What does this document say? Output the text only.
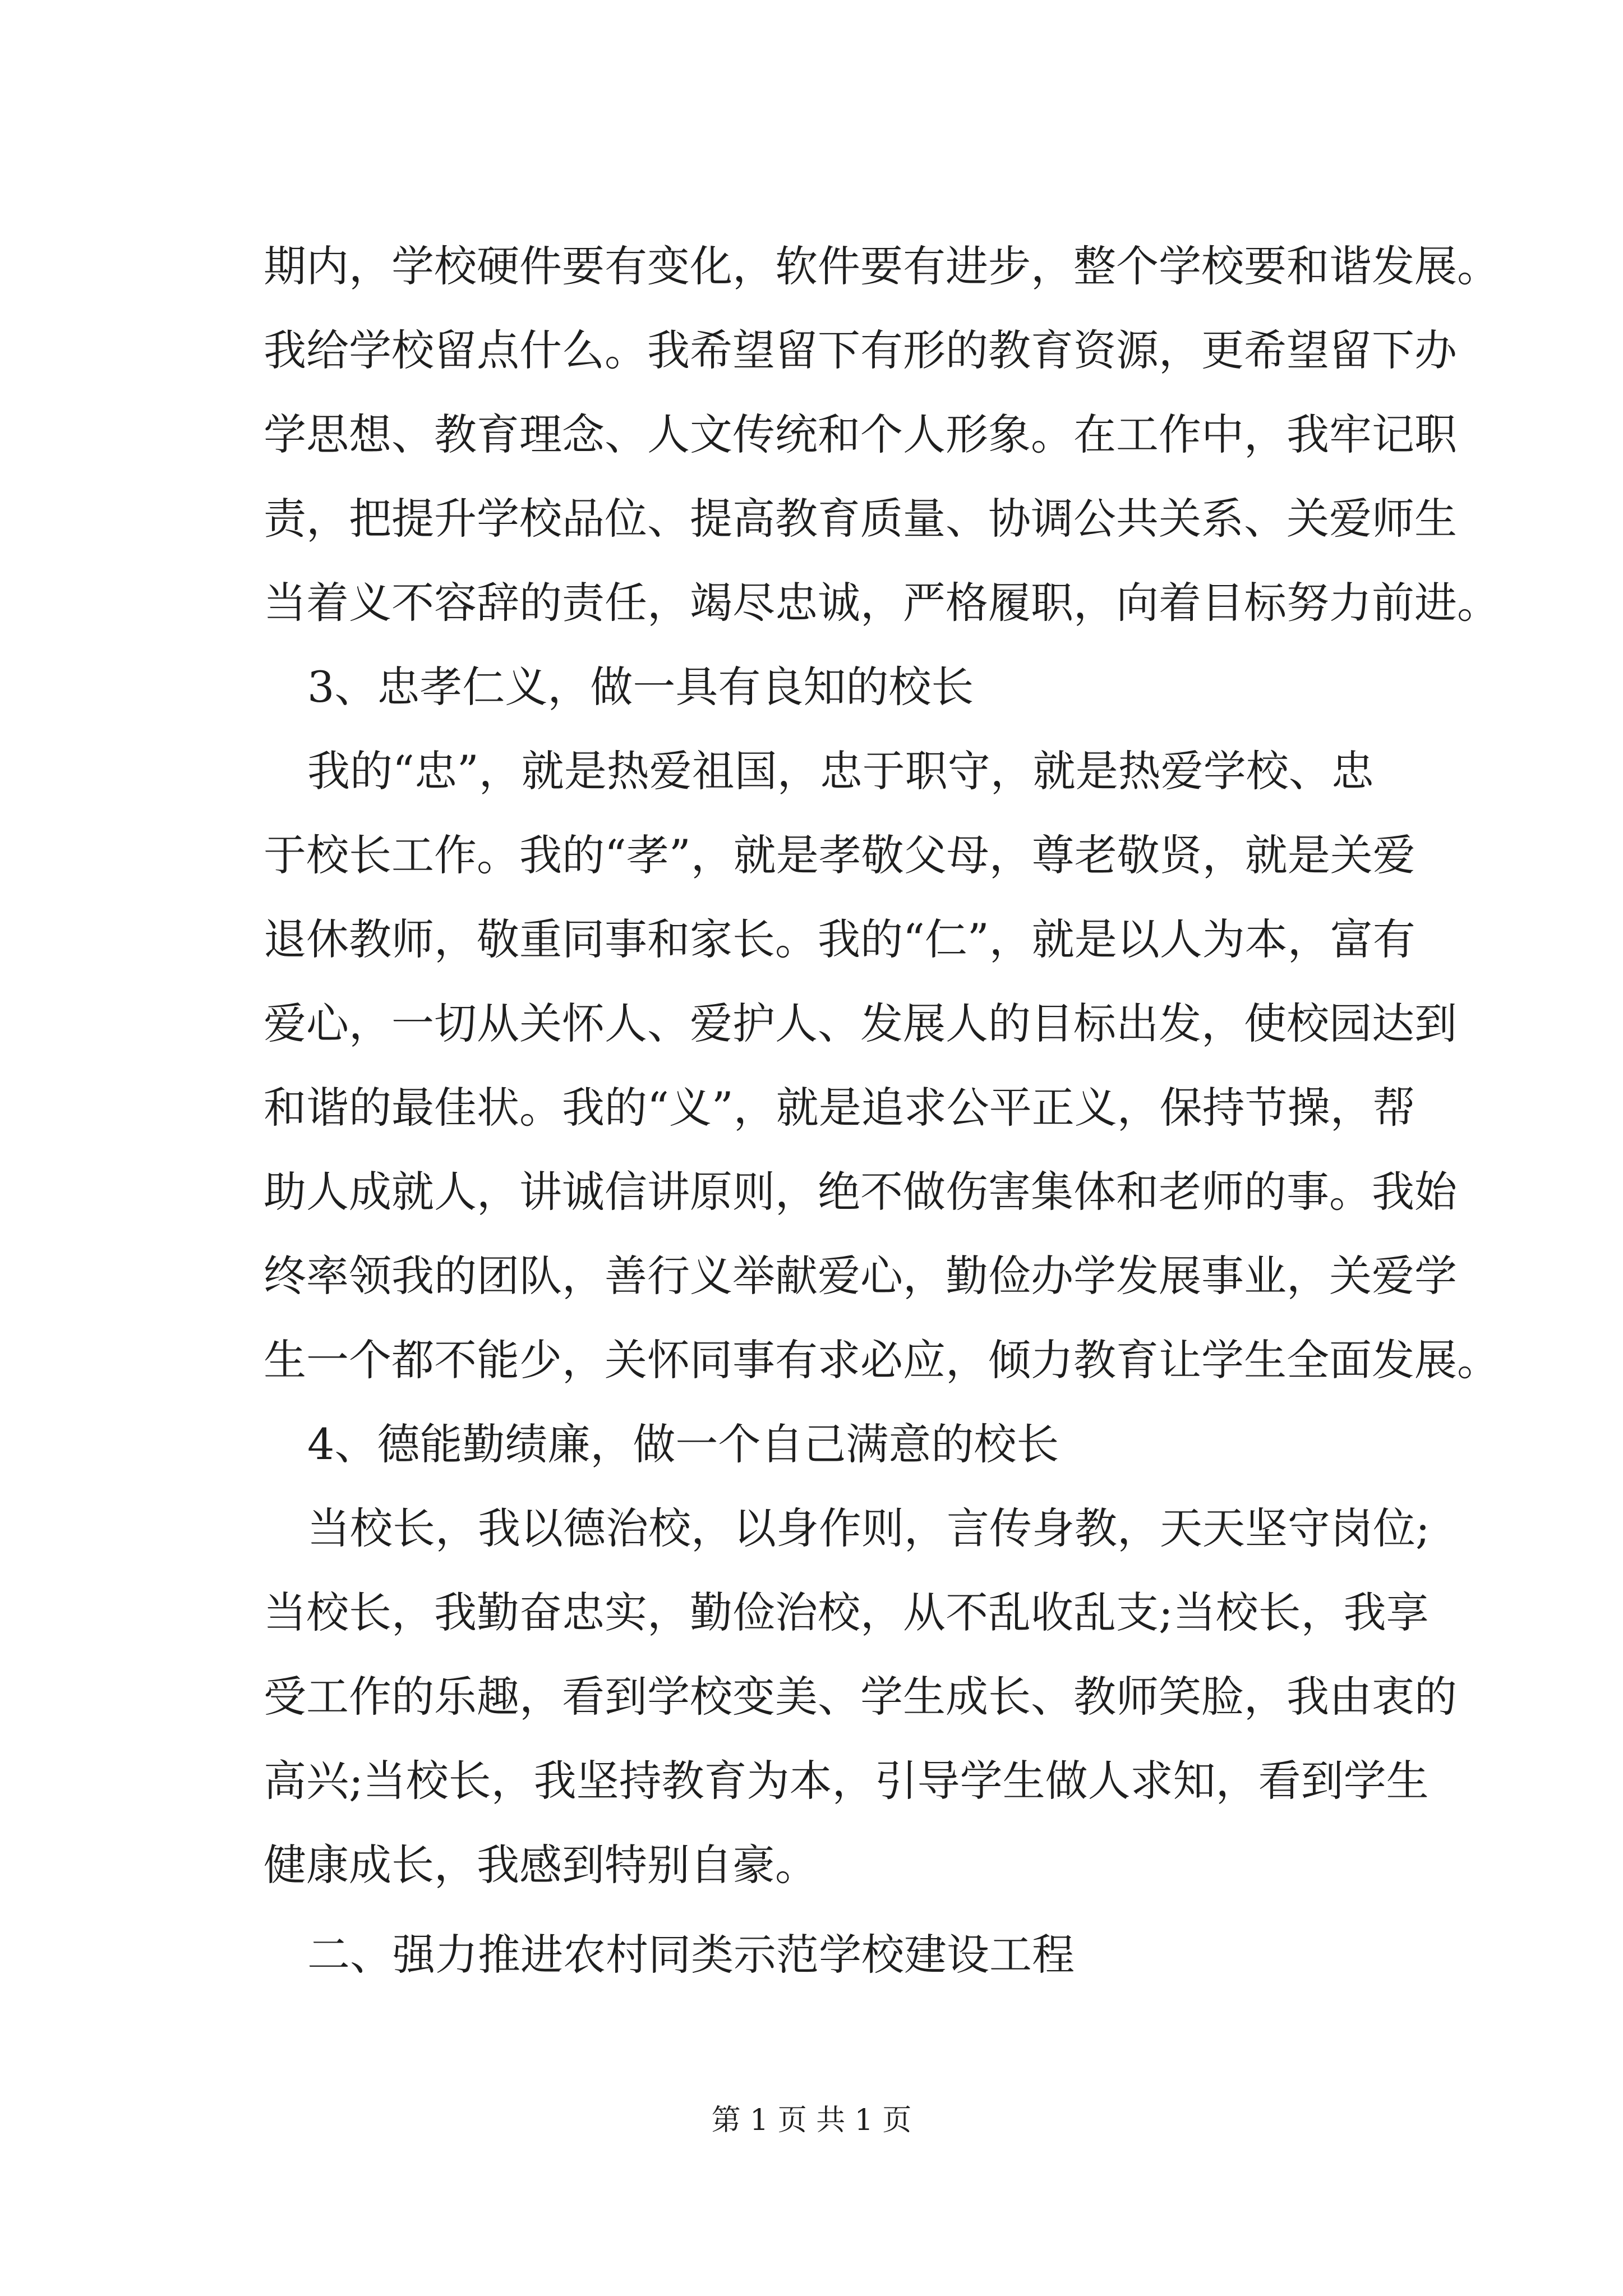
期内，学校硬件要有变化，软件要有进步，整个学校要和谐发展。
我给学校留点什么。我希望留下有形的教育资源，更希望留下办
学思想、教育理念、人文传统和个人形象。在工作中，我牢记职
责，把提升学校品位、提高教育质量、协调公共关系、关爱师生
当着义不容辞的责任，竭尽忠诚，严格履职，向着目标努力前进。
3、忠孝仁义，做一具有良知的校长
我的“忠”，就是热爱祖国，忠于职守，就是热爱学校、忠
于校长工作。我的“孝”，就是孝敬父母，尊老敬贤，就是关爱
退休教师，敬重同事和家长。我的“仁”，就是以人为本，富有
爱心，一切从关怀人、爱护人、发展人的目标出发，使校园达到
和谐的最佳状。我的“义”，就是追求公平正义，保持节操，帮
助人成就人，讲诚信讲原则，绝不做伤害集体和老师的事。我始
终率领我的团队，善行义举献爱心，勤俭办学发展事业，关爱学
生一个都不能少，关怀同事有求必应，倾力教育让学生全面发展。
4、德能勤绩廉，做一个自己满意的校长
当校长，我以德治校，以身作则，言传身教，天天坚守岗位;
当校长，我勤奋忠实，勤俭治校，从不乱收乱支;当校长，我享
受工作的乐趣，看到学校变美、学生成长、教师笑脸，我由衷的
高兴;当校长，我坚持教育为本，引导学生做人求知，看到学生
健康成长，我感到特别自豪。
二、强力推进农村同类示范学校建设工程
第 1 页 共 1 页
